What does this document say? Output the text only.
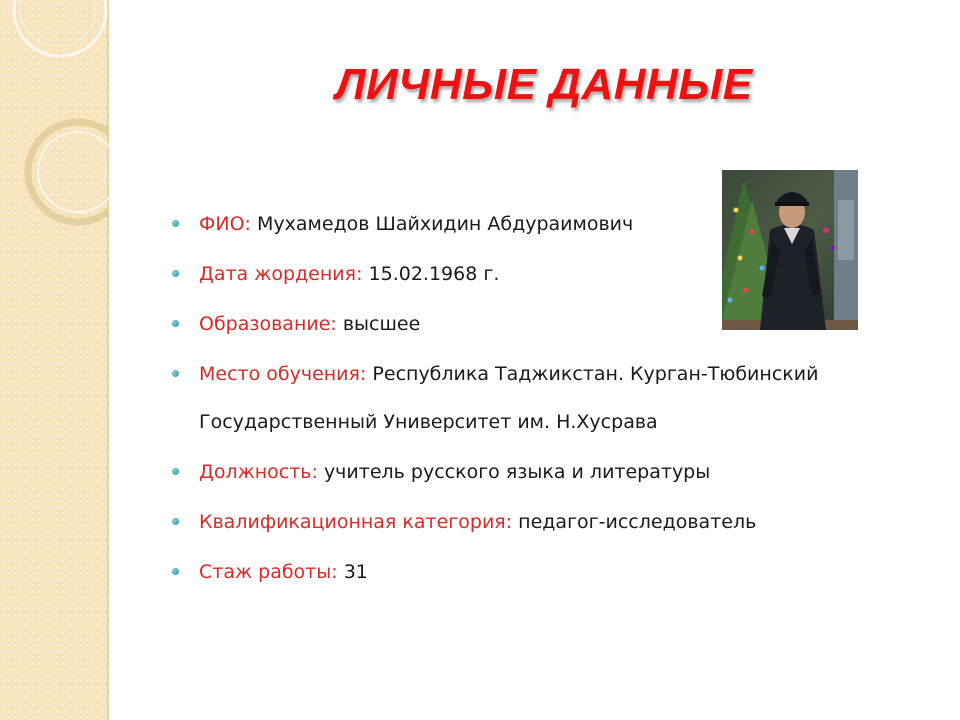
ЛИЧНЫЕ ДАННЫЕ
ФИО: Мухамедов Шайхидин Абдураимович
Дата жордения: 15.02.1968 г.
Образование: высшее
Место обучения: Республика Таджикстан. Курган-Тюбинский Государственный Университет им. Н.Хусрава
Должность: учитель русского языка и литературы
Квалификационная категория: педагог-исследователь
Стаж работы: 31
